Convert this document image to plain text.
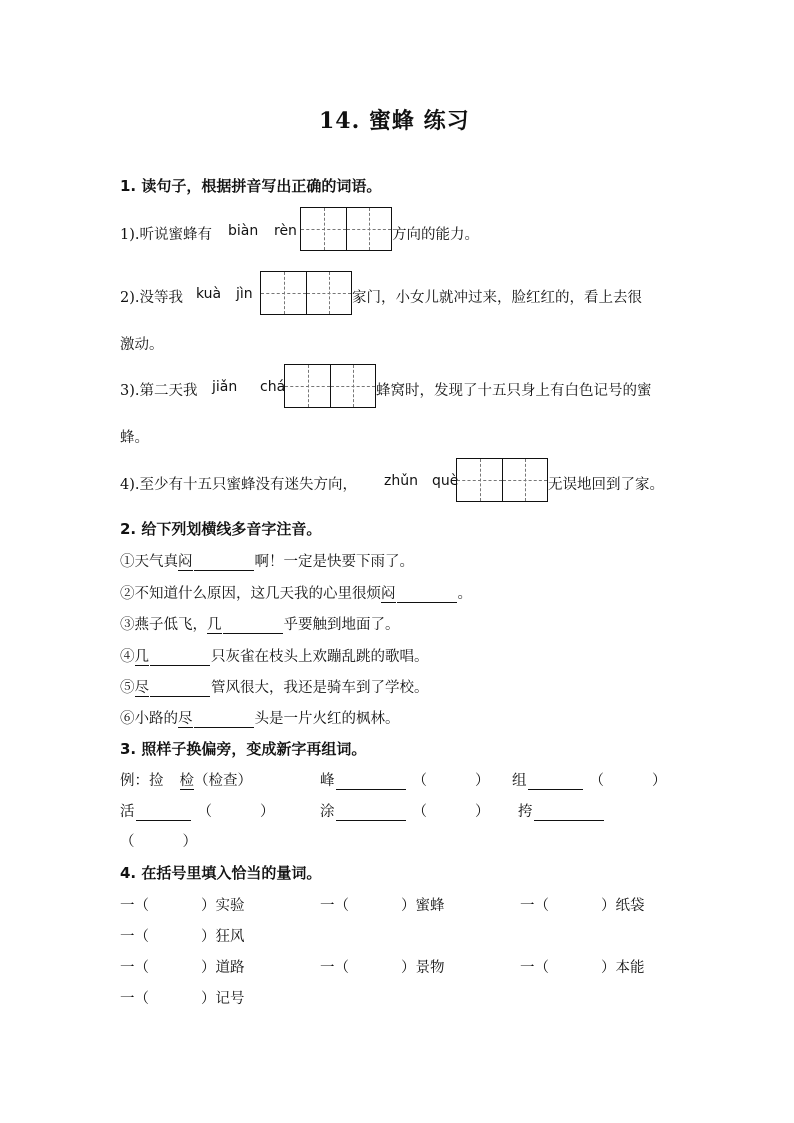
14. 蜜蜂 练习
1. 读句子，根据拼音写出正确的词语。
1).听说蜜蜂有 biàn rèn	方向的能力。
2).没等我 kuà jìn	家门，小女儿就冲过来，脸红红的，看上去很
激动。
3).第二天我 jiǎn chá	蜂窝时，发现了十五只身上有白色记号的蜜
蜂。
4).至少有十五只蜜蜂没有迷失方向， zhǔn què	无误地回到了家。
2. 给下列划横线多音字注音。
①天气真闷	啊！一定是快要下雨了。
②不知道什么原因，这几天我的心里很烦闷	。
③燕子低飞，几	乎要触到地面了。
④几	只灰雀在枝头上欢蹦乱跳的歌唱。
⑤尽	管风很大，我还是骑车到了学校。
⑥小路的尽	头是一片火红的枫林。
3. 照样子换偏旁，变成新字再组词。
例：捡 检（检查）	峰	（	） 组	（	）
活	（	）	涂	（	） 挎
（	）
4. 在括号里填入恰当的量词。
一（	）实验	一（	）蜜蜂	一（	）纸袋
一（	）狂风
一（	）道路	一（	）景物	一（	）本能
一（	）记号
